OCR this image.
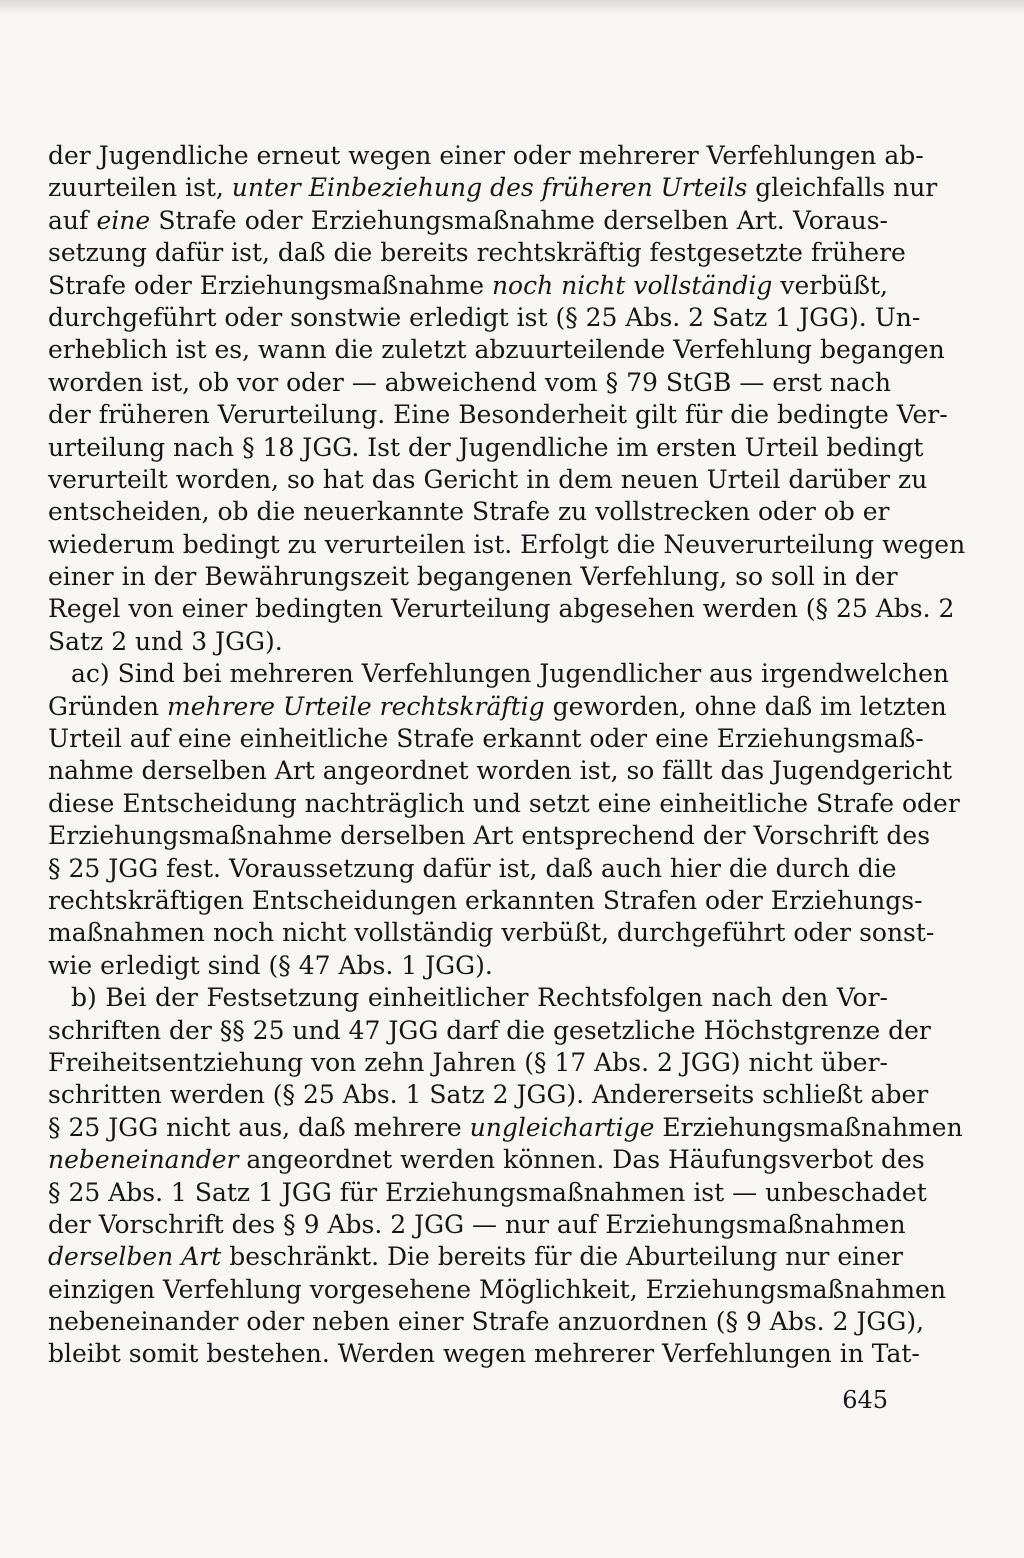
der Jugendliche erneut wegen einer oder mehrerer Verfehlungen ab-
zuurteilen ist, unter Einbeziehung des früheren Urteils gleichfalls nur
auf eine Strafe oder Erziehungsmaßnahme derselben Art. Voraus-
setzung dafür ist, daß die bereits rechtskräftig festgesetzte frühere
Strafe oder Erziehungsmaßnahme noch nicht vollständig verbüßt,
durchgeführt oder sonstwie erledigt ist (§ 25 Abs. 2 Satz 1 JGG). Un-
erheblich ist es, wann die zuletzt abzuurteilende Verfehlung begangen
worden ist, ob vor oder — abweichend vom § 79 StGB — erst nach
der früheren Verurteilung. Eine Besonderheit gilt für die bedingte Ver-
urteilung nach § 18 JGG. Ist der Jugendliche im ersten Urteil bedingt
verurteilt worden, so hat das Gericht in dem neuen Urteil darüber zu
entscheiden, ob die neuerkannte Strafe zu vollstrecken oder ob er
wiederum bedingt zu verurteilen ist. Erfolgt die Neuverurteilung wegen
einer in der Bewährungszeit begangenen Verfehlung, so soll in der
Regel von einer bedingten Verurteilung abgesehen werden (§ 25 Abs. 2
Satz 2 und 3 JGG).
ac) Sind bei mehreren Verfehlungen Jugendlicher aus irgendwelchen
Gründen mehrere Urteile rechtskräftig geworden, ohne daß im letzten
Urteil auf eine einheitliche Strafe erkannt oder eine Erziehungsmaß-
nahme derselben Art angeordnet worden ist, so fällt das Jugendgericht
diese Entscheidung nachträglich und setzt eine einheitliche Strafe oder
Erziehungsmaßnahme derselben Art entsprechend der Vorschrift des
§ 25 JGG fest. Voraussetzung dafür ist, daß auch hier die durch die
rechtskräftigen Entscheidungen erkannten Strafen oder Erziehungs-
maßnahmen noch nicht vollständig verbüßt, durchgeführt oder sonst-
wie erledigt sind (§ 47 Abs. 1 JGG).
b) Bei der Festsetzung einheitlicher Rechtsfolgen nach den Vor-
schriften der §§ 25 und 47 JGG darf die gesetzliche Höchstgrenze der
Freiheitsentziehung von zehn Jahren (§ 17 Abs. 2 JGG) nicht über-
schritten werden (§ 25 Abs. 1 Satz 2 JGG). Andererseits schließt aber
§ 25 JGG nicht aus, daß mehrere ungleichartige Erziehungsmaßnahmen
nebeneinander angeordnet werden können. Das Häufungsverbot des
§ 25 Abs. 1 Satz 1 JGG für Erziehungsmaßnahmen ist — unbeschadet
der Vorschrift des § 9 Abs. 2 JGG — nur auf Erziehungsmaßnahmen
derselben Art beschränkt. Die bereits für die Aburteilung nur einer
einzigen Verfehlung vorgesehene Möglichkeit, Erziehungsmaßnahmen
nebeneinander oder neben einer Strafe anzuordnen (§ 9 Abs. 2 JGG),
bleibt somit bestehen. Werden wegen mehrerer Verfehlungen in Tat-
645
